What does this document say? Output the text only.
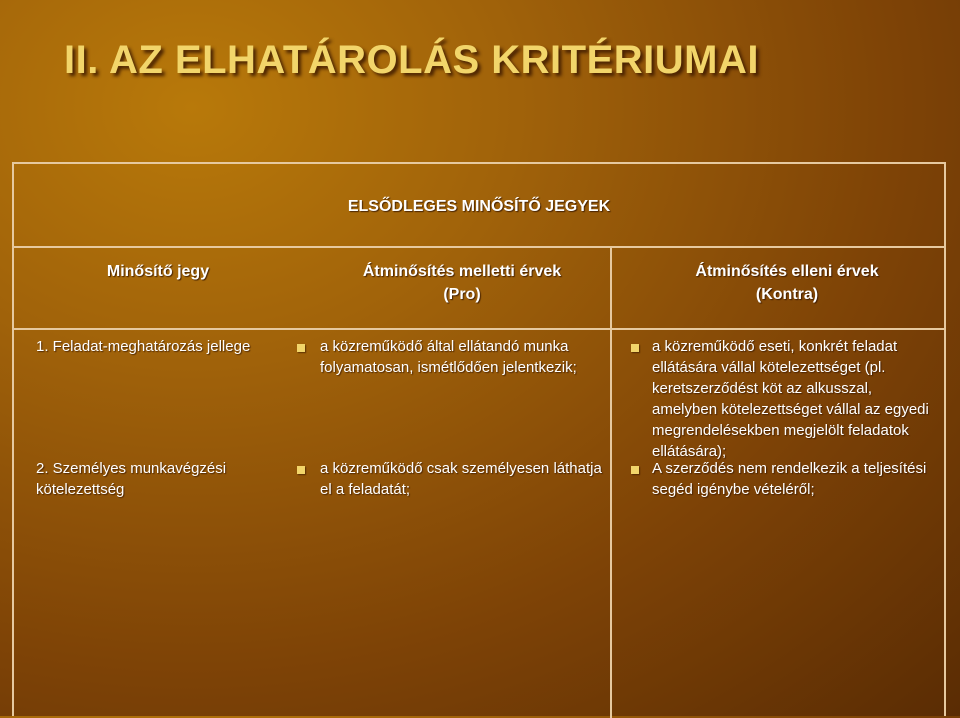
II. AZ ELHATÁROLÁS KRITÉRIUMAI
ELSŐDLEGES MINŐSÍTŐ JEGYEK
Minősítő jegy	Átminősítés melletti érvek
(Pro)
Átminősítés elleni érvek
(Kontra)
1. Feladat-meghatározás jellege	a közreműködő által ellátandó munka folyamatosan, ismétlődően jelentkezik;
a közreműködő eseti, konkrét feladat ellátására vállal kötelezettséget (pl. keretszerződést köt az alkusszal, amelyben kötelezettséget vállal az egyedi megrendelésekben megjelölt feladatok ellátására);
2. Személyes munkavégzési kötelezettség
a közreműködő csak személyesen láthatja el a feladatát;
A szerződés nem rendelkezik a teljesítési segéd igénybe vételéről;
